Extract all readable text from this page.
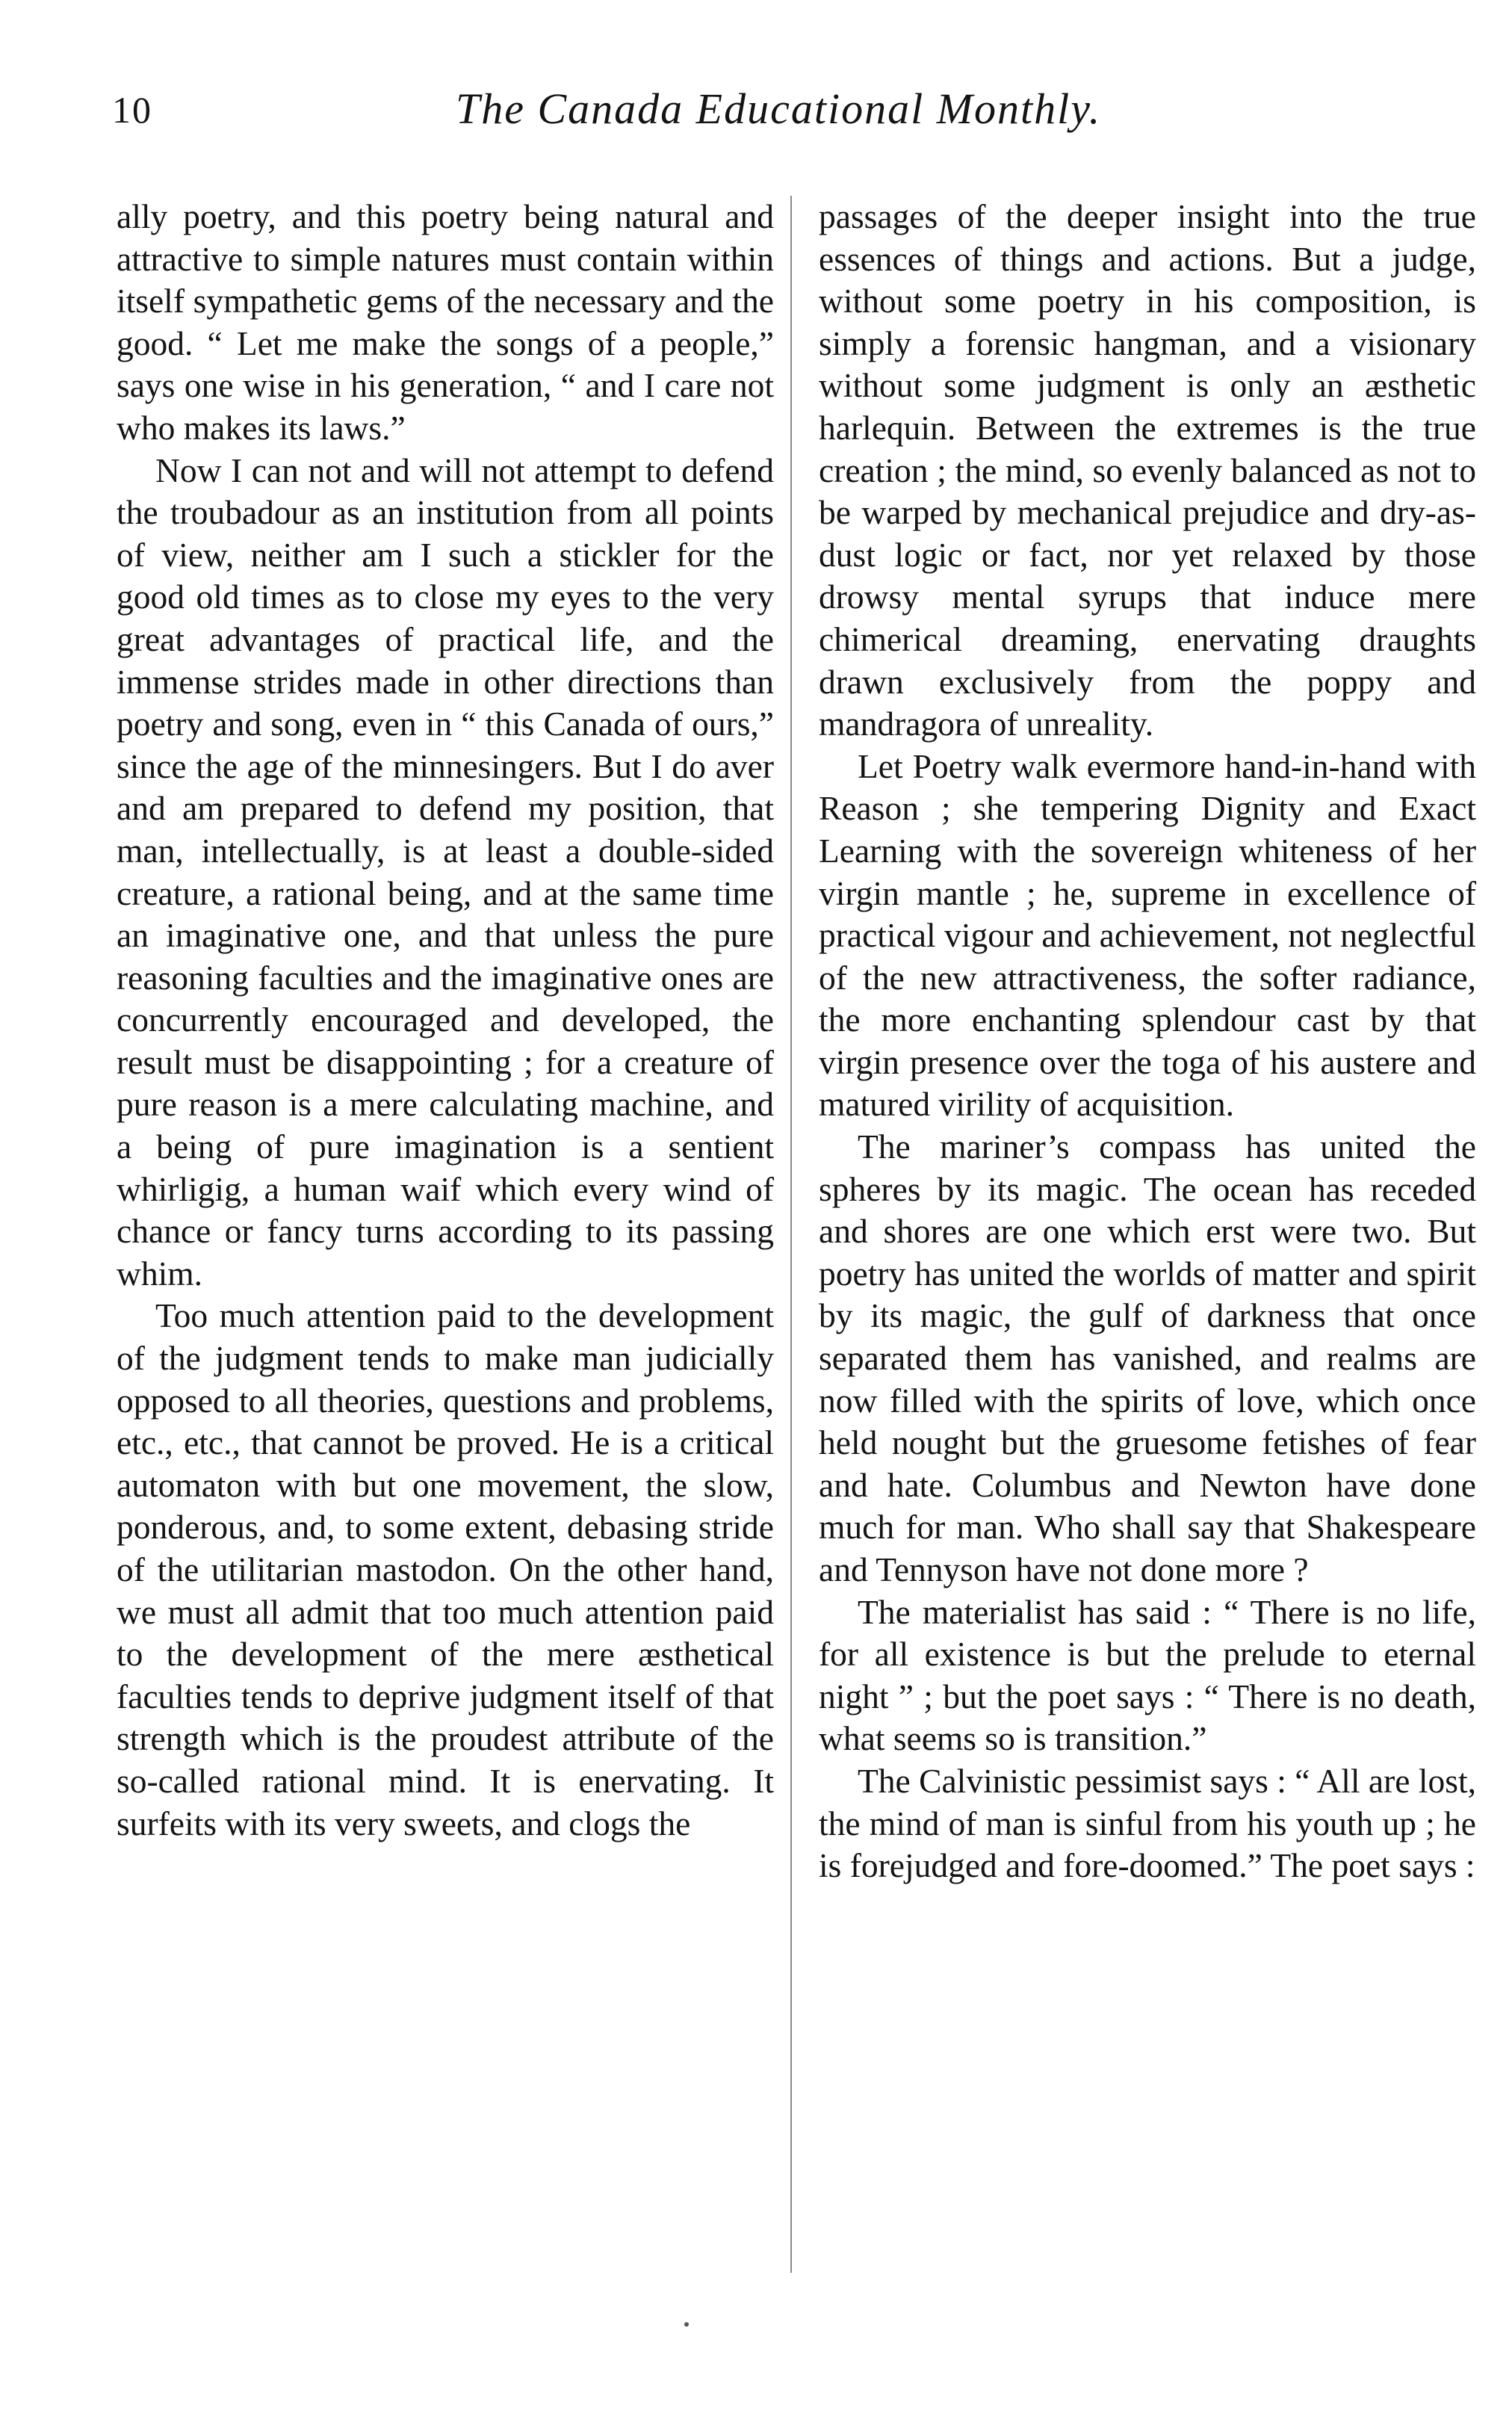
10	The Canada Educational Monthly.

ally poetry, and this poetry being natural and attractive to simple natures must contain within itself sympathetic gems of the necessary and the good. “ Let me make the songs of a people,” says one wise in his generation, “ and I care not who makes its laws.”

Now I can not and will not attempt to defend the troubadour as an institution from all points of view, neither am I such a stickler for the good old times as to close my eyes to the very great advantages of practical life, and the immense strides made in other directions than poetry and song, even in “ this Canada of ours,” since the age of the minnesingers. But I do aver and am prepared to defend my position, that man, intellectually, is at least a double-sided creature, a rational being, and at the same time an imaginative one, and that unless the pure reasoning faculties and the imaginative ones are concurrently encouraged and developed, the result must be disappointing ; for a creature of pure reason is a mere calculating machine, and a being of pure imagination is a sentient whirligig, a human waif which every wind of chance or fancy turns according to its passing whim.

Too much attention paid to the development of the judgment tends to make man judicially opposed to all theories, questions and problems, etc., etc., that cannot be proved. He is a critical automaton with but one movement, the slow, ponderous, and, to some extent, debasing stride of the utilitarian mastodon. On the other hand, we must all admit that too much attention paid to the development of the mere æsthetical faculties tends to deprive judgment itself of that strength which is the proudest attribute of the so-called rational mind. It is enervating. It surfeits with its very sweets, and clogs the

passages of the deeper insight into the true essences of things and actions. But a judge, without some poetry in his composition, is simply a forensic hangman, and a visionary without some judgment is only an æsthetic harlequin. Between the extremes is the true creation ; the mind, so evenly balanced as not to be warped by mechanical prejudice and dry-as-dust logic or fact, nor yet relaxed by those drowsy mental syrups that induce mere chimerical dreaming, enervating draughts drawn exclusively from the poppy and mandragora of unreality.

Let Poetry walk evermore hand-in-hand with Reason ; she tempering Dignity and Exact Learning with the sovereign whiteness of her virgin mantle ; he, supreme in excellence of practical vigour and achievement, not neglectful of the new attractiveness, the softer radiance, the more enchanting splendour cast by that virgin presence over the toga of his austere and matured virility of acquisition.

The mariner’s compass has united the spheres by its magic. The ocean has receded and shores are one which erst were two. But poetry has united the worlds of matter and spirit by its magic, the gulf of darkness that once separated them has vanished, and realms are now filled with the spirits of love, which once held nought but the gruesome fetishes of fear and hate. Columbus and Newton have done much for man. Who shall say that Shakespeare and Tennyson have not done more ?

The materialist has said : “ There is no life, for all existence is but the prelude to eternal night ” ; but the poet says : “ There is no death, what seems so is transition.”

The Calvinistic pessimist says : “ All are lost, the mind of man is sinful from his youth up ; he is forejudged and fore-doomed.” The poet says :
